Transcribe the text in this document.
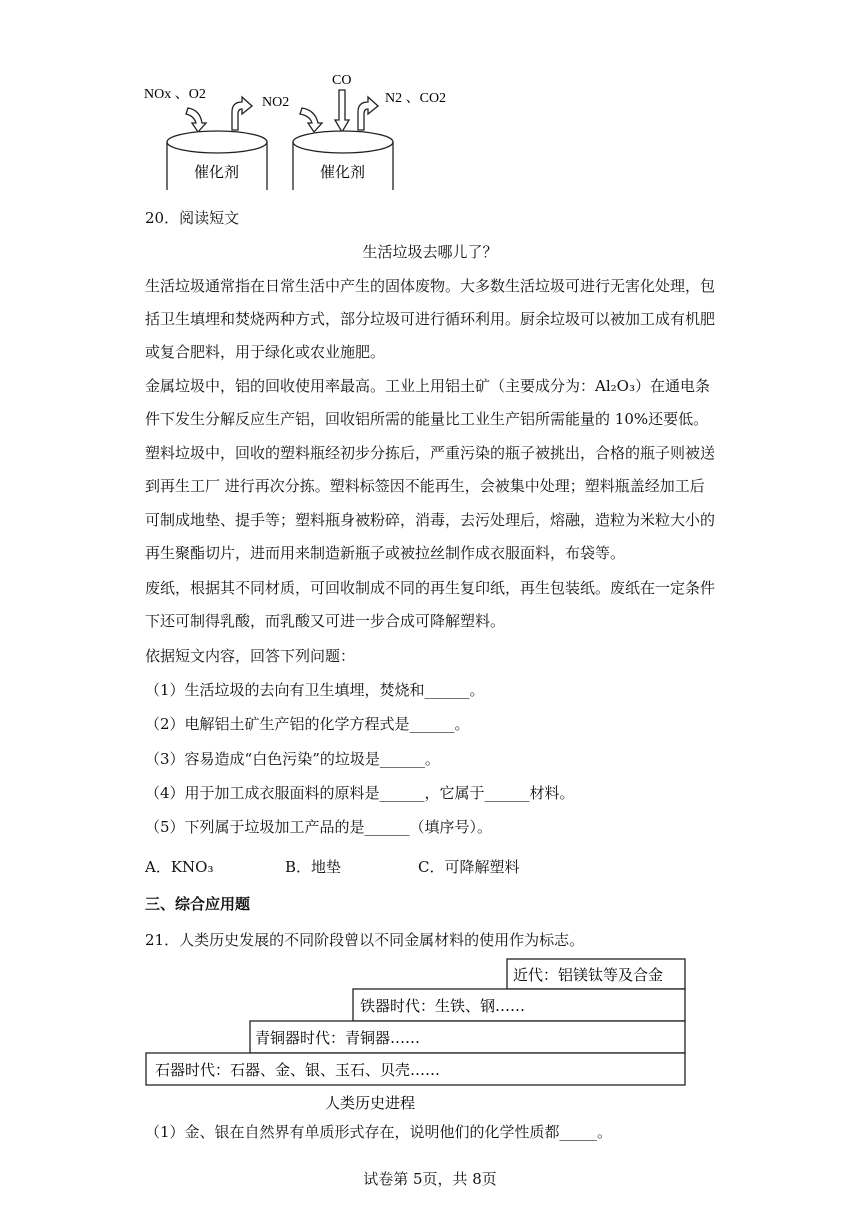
NOx 、O2
NO2
CO
N2 、CO2
催化剂	催化剂
20．阅读短文
生活垃圾去哪儿了？
生活垃圾通常指在日常生活中产生的固体废物。大多数生活垃圾可进行无害化处理，包
括卫生填埋和焚烧两种方式，部分垃圾可进行循环利用。厨余垃圾可以被加工成有机肥
或复合肥料，用于绿化或农业施肥。
金属垃圾中，铝的回收使用率最高。工业上用铝土矿（主要成分为：Al₂O₃）在通电条
件下发生分解反应生产铝，回收铝所需的能量比工业生产铝所需能量的 10%还要低。
塑料垃圾中，回收的塑料瓶经初步分拣后，严重污染的瓶子被挑出，合格的瓶子则被送
到再生工厂 进行再次分拣。塑料标签因不能再生，会被集中处理；塑料瓶盖经加工后
可制成地垫、提手等；塑料瓶身被粉碎，消毒，去污处理后，熔融，造粒为米粒大小的
再生聚酯切片，进而用来制造新瓶子或被拉丝制作成衣服面料，布袋等。
废纸，根据其不同材质，可回收制成不同的再生复印纸，再生包装纸。废纸在一定条件
下还可制得乳酸，而乳酸又可进一步合成可降解塑料。
依据短文内容，回答下列问题：
（1）生活垃圾的去向有卫生填埋，焚烧和______。
（2）电解铝土矿生产铝的化学方程式是______。
（3）容易造成“白色污染”的垃圾是______。
（4）用于加工成衣服面料的原料是______，它属于______材料。
（5）下列属于垃圾加工产品的是______（填序号）。
A．KNO₃	B．地垫	C．可降解塑料
三、综合应用题
21．人类历史发展的不同阶段曾以不同金属材料的使用作为标志。
近代：铝镁钛等及合金
铁器时代：生铁、钢……
青铜器时代：青铜器……
石器时代：石器、金、银、玉石、贝壳……
人类历史进程
（1）金、银在自然界有单质形式存在，说明他们的化学性质都_____。
试卷第 5页，共 8页
